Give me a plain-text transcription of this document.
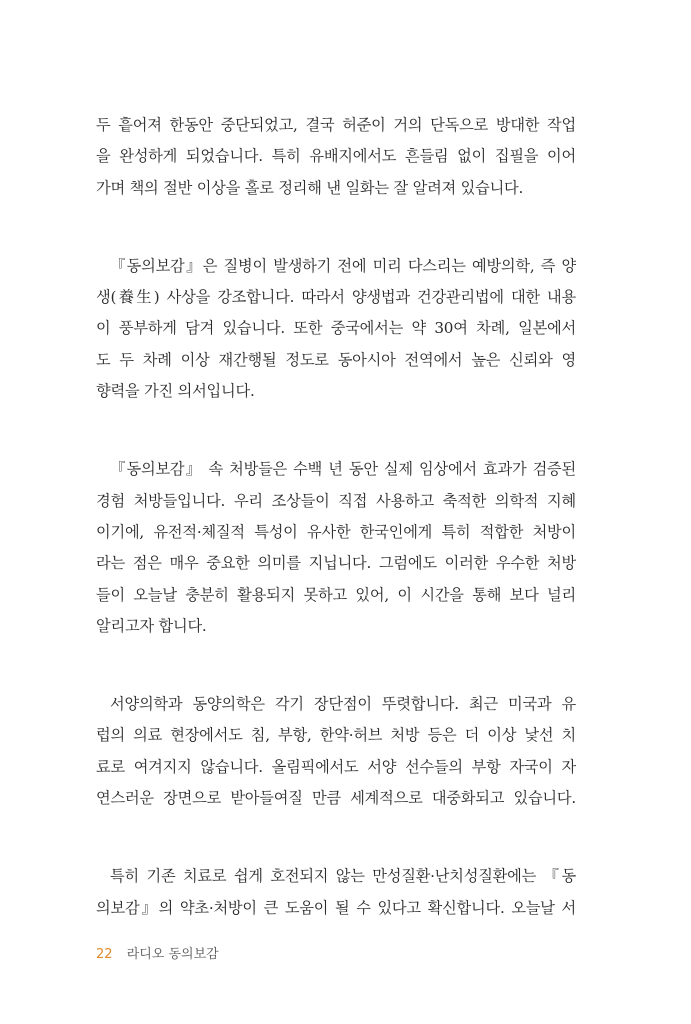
두 흩어져 한동안 중단되었고, 결국 허준이 거의 단독으로 방대한 작업
을 완성하게 되었습니다. 특히 유배지에서도 흔들림 없이 집필을 이어
가며 책의 절반 이상을 홀로 정리해 낸 일화는 잘 알려져 있습니다.

『동의보감』은 질병이 발생하기 전에 미리 다스리는 예방의학, 즉 양
생(養生) 사상을 강조합니다. 따라서 양생법과 건강관리법에 대한 내용
이 풍부하게 담겨 있습니다. 또한 중국에서는 약 30여 차례, 일본에서
도 두 차례 이상 재간행될 정도로 동아시아 전역에서 높은 신뢰와 영
향력을 가진 의서입니다.

『동의보감』 속 처방들은 수백 년 동안 실제 임상에서 효과가 검증된
경험 처방들입니다. 우리 조상들이 직접 사용하고 축적한 의학적 지혜
이기에, 유전적·체질적 특성이 유사한 한국인에게 특히 적합한 처방이
라는 점은 매우 중요한 의미를 지닙니다. 그럼에도 이러한 우수한 처방
들이 오늘날 충분히 활용되지 못하고 있어, 이 시간을 통해 보다 널리
알리고자 합니다.

서양의학과 동양의학은 각기 장단점이 뚜렷합니다. 최근 미국과 유
럽의 의료 현장에서도 침, 부항, 한약·허브 처방 등은 더 이상 낯선 치
료로 여겨지지 않습니다. 올림픽에서도 서양 선수들의 부항 자국이 자
연스러운 장면으로 받아들여질 만큼 세계적으로 대중화되고 있습니다.

특히 기존 치료로 쉽게 호전되지 않는 만성질환·난치성질환에는 『동
의보감』의 약초·처방이 큰 도움이 될 수 있다고 확신합니다. 오늘날 서

22 라디오 동의보감
